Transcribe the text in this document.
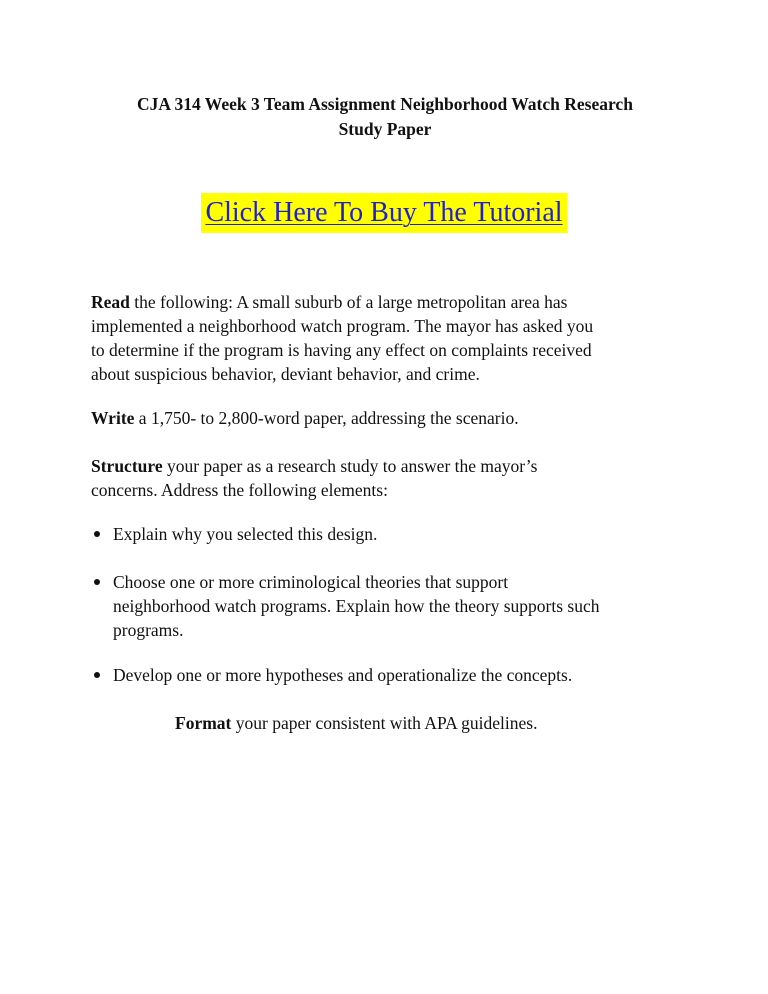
CJA 314 Week 3 Team Assignment Neighborhood Watch Research
Study Paper
Click Here To Buy The Tutorial
Read the following: A small suburb of a large metropolitan area has
implemented a neighborhood watch program. The mayor has asked you
to determine if the program is having any effect on complaints received
about suspicious behavior, deviant behavior, and crime.
Write a 1,750- to 2,800-word paper, addressing the scenario.
Structure your paper as a research study to answer the mayor’s
concerns. Address the following elements:
Explain why you selected this design.
Choose one or more criminological theories that support
neighborhood watch programs. Explain how the theory supports such
programs.
Develop one or more hypotheses and operationalize the concepts.
Format your paper consistent with APA guidelines.
